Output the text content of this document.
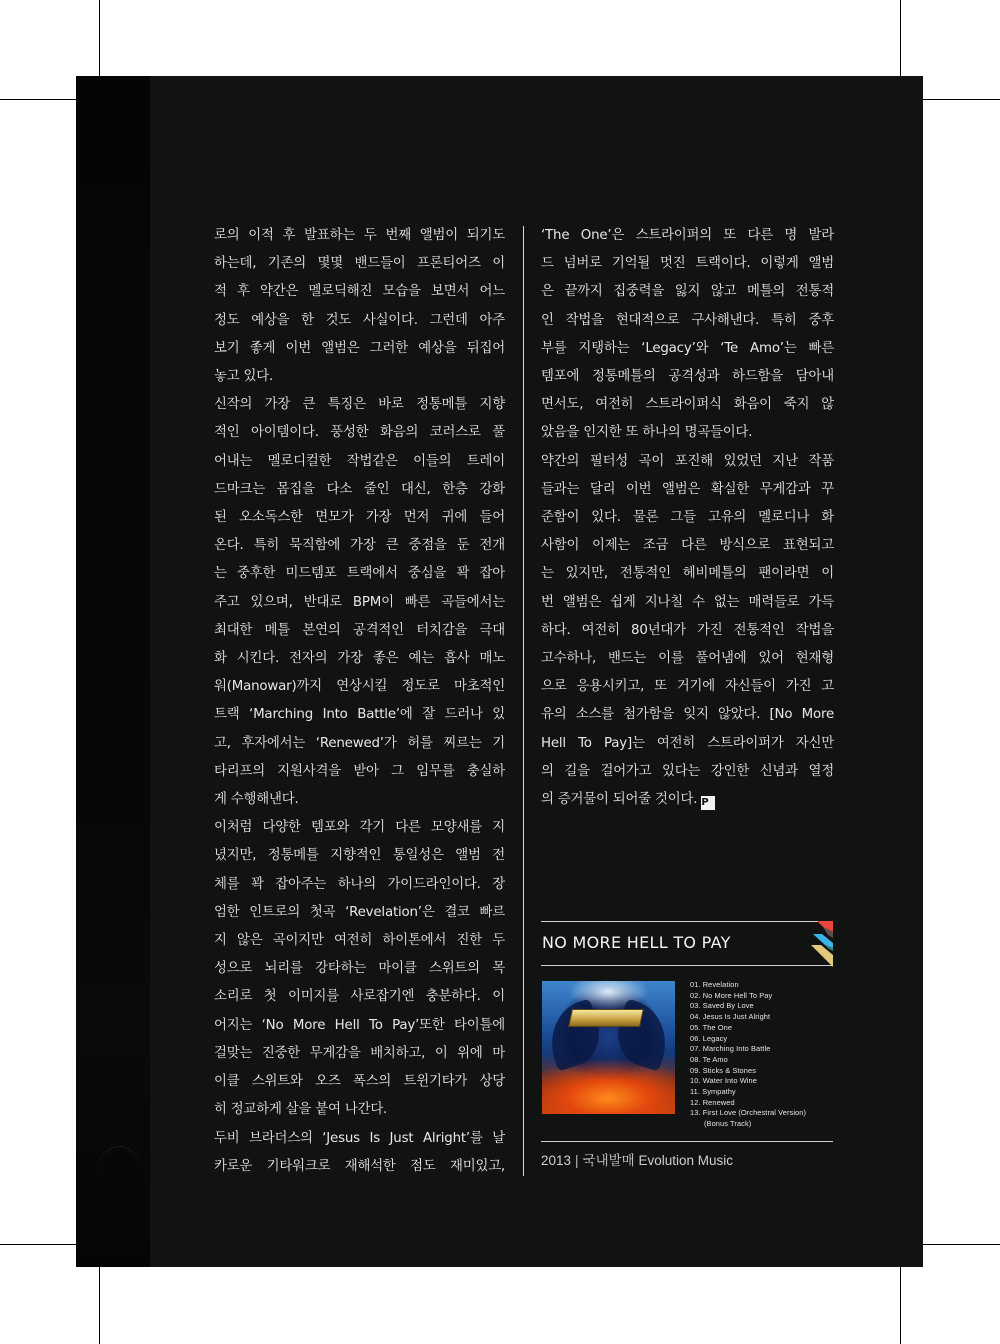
로의 이적 후 발표하는 두 번째 앨범이 되기도
하는데, 기존의 몇몇 밴드들이 프론티어즈 이
적 후 약간은 멜로딕해진 모습을 보면서 어느
정도 예상을 한 것도 사실이다. 그런데 아주
보기 좋게 이번 앨범은 그러한 예상을 뒤집어
놓고 있다.

신작의 가장 큰 특징은 바로 정통메틀 지향
적인 아이템이다. 풍성한 화음의 코러스로 풀
어내는 멜로디컬한 작법같은 이들의 트레이
드마크는 몸집을 다소 줄인 대신, 한층 강화
된 오소독스한 면모가 가장 먼저 귀에 들어
온다. 특히 묵직함에 가장 큰 중점을 둔 전개
는 중후한 미드템포 트랙에서 중심을 꽉 잡아
주고 있으며, 반대로 BPM이 빠른 곡들에서는
최대한 메틀 본연의 공격적인 터치감을 극대
화 시킨다. 전자의 가장 좋은 예는 흡사 매노
워(Manowar)까지 연상시킬 정도로 마초적인
트랙 ‘Marching Into Battle’에 잘 드러나 있
고, 후자에서는 ‘Renewed’가 허를 찌르는 기
타리프의 지원사격을 받아 그 임무를 충실하
게 수행해낸다.

이처럼 다양한 템포와 각기 다른 모양새를 지
녔지만, 정통메틀 지향적인 통일성은 앨범 전
체를 꽉 잡아주는 하나의 가이드라인이다. 장
엄한 인트로의 첫곡 ‘Revelation’은 결코 빠르
지 않은 곡이지만 여전히 하이톤에서 진한 두
성으로 뇌리를 강타하는 마이클 스위트의 목
소리로 첫 이미지를 사로잡기엔 충분하다. 이
어지는 ‘No More Hell To Pay’또한 타이틀에
걸맞는 진중한 무게감을 배치하고, 이 위에 마
이클 스위트와 오즈 폭스의 트윈기타가 상당
히 정교하게 살을 붙여 나간다.

두비 브라더스의 ‘Jesus Is Just Alright’를 날
카로운 기타워크로 재해석한 점도 재미있고,

‘The One’은 스트라이퍼의 또 다른 명 발라
드 넘버로 기억될 멋진 트랙이다. 이렇게 앨범
은 끝까지 집중력을 잃지 않고 메틀의 전통적
인 작법을 현대적으로 구사해낸다. 특히 중후
부를 지탱하는 ‘Legacy’와 ‘Te Amo’는 빠른
템포에 정통메틀의 공격성과 하드함을 담아내
면서도, 여전히 스트라이퍼식 화음이 죽지 않
았음을 인지한 또 하나의 명곡들이다.

약간의 필터성 곡이 포진해 있었던 지난 작품
들과는 달리 이번 앨범은 확실한 무게감과 꾸
준함이 있다. 물론 그들 고유의 멜로디나 화
사함이 이제는 조금 다른 방식으로 표현되고
는 있지만, 전통적인 헤비메틀의 팬이라면 이
번 앨범은 쉽게 지나칠 수 없는 매력들로 가득
하다. 여전히 80년대가 가진 전통적인 작법을
고수하나, 밴드는 이를 풀어냄에 있어 현재형
으로 응용시키고, 또 거기에 자신들이 가진 고
유의 소스를 첨가함을 잊지 않았다. [No More
Hell To Pay]는 여전히 스트라이퍼가 자신만
의 길을 걸어가고 있다는 강인한 신념과 열정
의 증거물이 되어줄 것이다. P

NO MORE HELL TO PAY
01. Revelation
02. No More Hell To Pay
03. Saved By Love
04. Jesus Is Just Alright
05. The One
06. Legacy
07. Marching Into Battle
08. Te Amo
09. Sticks & Stones
10. Water Into Wine
11. Sympathy
12. Renewed
13. First Love (Orchestral Version)
(Bonus Track)
2013 | 국내발매 Evolution Music
